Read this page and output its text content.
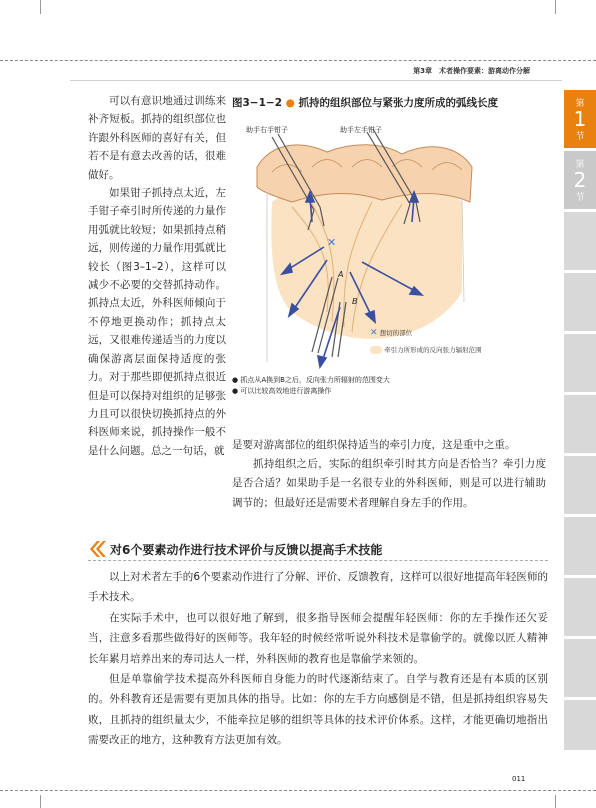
第3章　术者操作要素：游离动作分解
第
1
节
第
2
节

可以有意识地通过训练来补齐短板。抓持的组织部位也许跟外科医师的喜好有关，但若不是有意去改善的话，很难做好。

如果钳子抓持点太近，左手钳子牵引时所传递的力量作用弧就比较短；如果抓持点稍远，则传递的力量作用弧就比较长（图3–1–2），这样可以减少不必要的交替抓持动作。抓持点太近，外科医师倾向于不停地更换动作；抓持点太远，又很难传递适当的力度以确保游离层面保持适度的张力。对于那些即便抓持点很近但是可以保持对组织的足够张力且可以很快切换抓持点的外科医师来说，抓持操作一般不是什么问题。总之一句话，就

图3−1−2 ● 抓持的组织部位与紧张力度所成的弧线长度
✕
A
B
助手右手钳子	助手左手钳子
✕ 想切的部位
牵引力所形成的反向张力辐射范围
● 抓点从A换到B之后，反向张力所辐射的范围变大
● 可以比较高效地进行游离操作

是要对游离部位的组织保持适当的牵引力度，这是重中之重。

抓持组织之后，实际的组织牵引时其方向是否恰当？牵引力度是否合适？如果助手是一名很专业的外科医师，则是可以进行辅助调节的；但最好还是需要术者理解自身左手的作用。

对6个要素动作进行技术评价与反馈以提高手术技能

以上对术者左手的6个要素动作进行了分解、评价、反馈教育，这样可以很好地提高年轻医师的手术技术。

在实际手术中，也可以很好地了解到，很多指导医师会提醒年轻医师：你的左手操作还欠妥当，注意多看那些做得好的医师等。我年轻的时候经常听说外科技术是靠偷学的。就像以匠人精神长年累月培养出来的寿司达人一样，外科医师的教育也是靠偷学来领的。

但是单靠偷学技术提高外科医师自身能力的时代逐渐结束了。自学与教育还是有本质的区别的。外科教育还是需要有更加具体的指导。比如：你的左手方向感倒是不错，但是抓持组织容易失败，且抓持的组织量太少，不能牵拉足够的组织等具体的技术评价体系。这样，才能更确切地指出需要改正的地方，这种教育方法更加有效。

011
